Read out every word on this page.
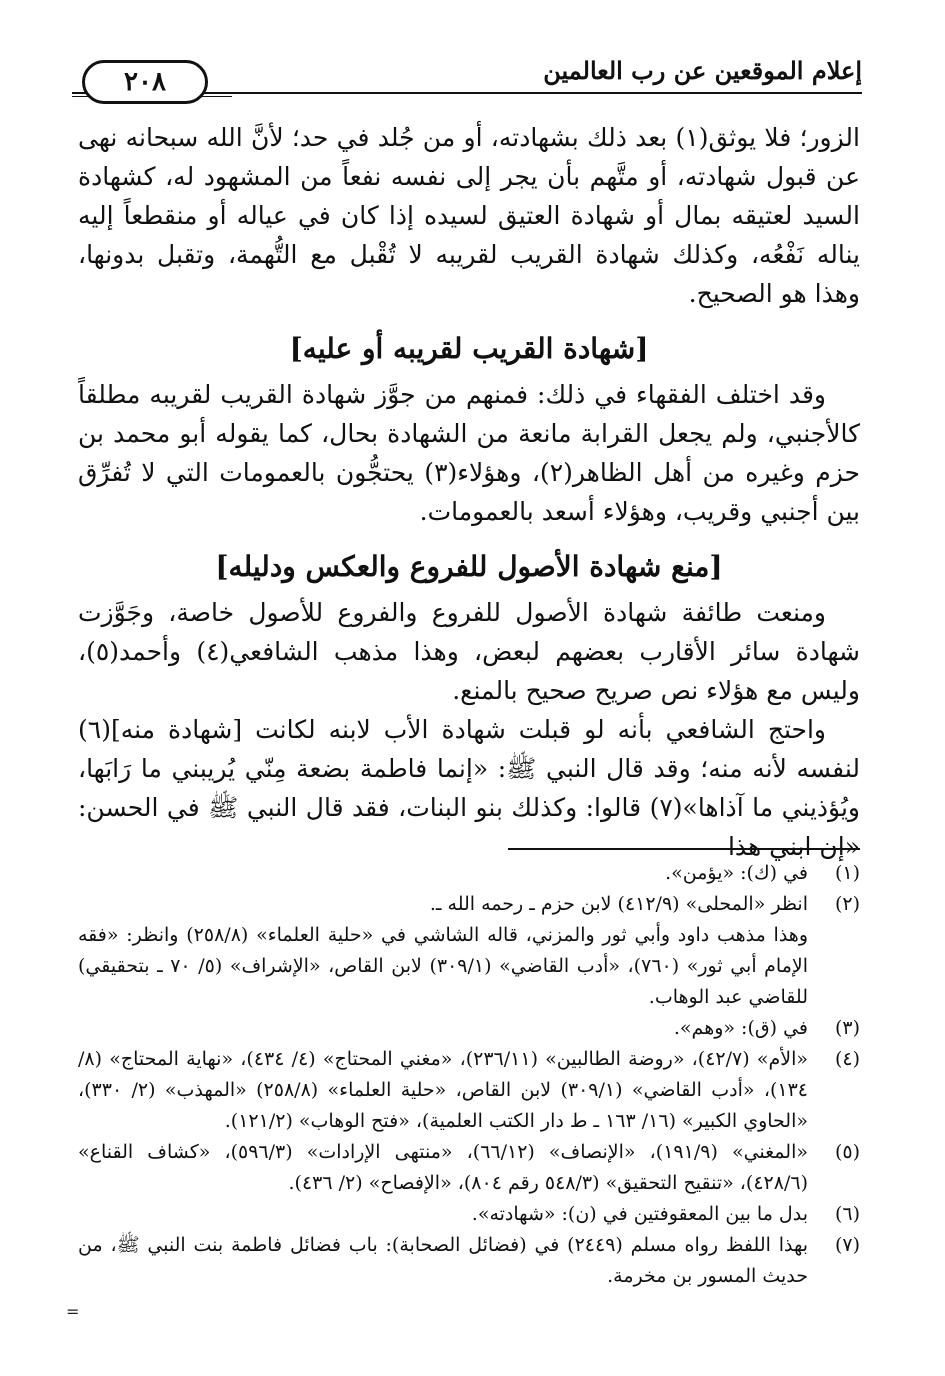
إعلام الموقعين عن رب العالمين
٢٠٨

الزور؛ فلا يوثق(١) بعد ذلك بشهادته، أو من جُلد في حد؛ لأنَّ الله سبحانه نهى عن قبول شهادته، أو متَّهم بأن يجر إلى نفسه نفعاً من المشهود له، كشهادة السيد لعتيقه بمال أو شهادة العتيق لسيده إذا كان في عياله أو منقطعاً إليه يناله نَفْعُه، وكذلك شهادة القريب لقريبه لا تُقْبل مع التُّهمة، وتقبل بدونها، وهذا هو الصحيح.

[شهادة القريب لقريبه أو عليه]

وقد اختلف الفقهاء في ذلك: فمنهم من جوَّز شهادة القريب لقريبه مطلقاً كالأجنبي، ولم يجعل القرابة مانعة من الشهادة بحال، كما يقوله أبو محمد بن حزم وغيره من أهل الظاهر(٢)، وهؤلاء(٣) يحتجُّون بالعمومات التي لا تُفرِّق بين أجنبي وقريب، وهؤلاء أسعد بالعمومات.

[منع شهادة الأصول للفروع والعكس ودليله]

ومنعت طائفة شهادة الأصول للفروع والفروع للأصول خاصة، وجَوَّزت شهادة سائر الأقارب بعضهم لبعض، وهذا مذهب الشافعي(٤) وأحمد(٥)، وليس مع هؤلاء نص صريح صحيح بالمنع.

واحتج الشافعي بأنه لو قبلت شهادة الأب لابنه لكانت [شهادة منه](٦) لنفسه لأنه منه؛ وقد قال النبي ﷺ: «إنما فاطمة بضعة مِنّي يُريبني ما رَابَها، ويُؤذيني ما آذاها»(٧) قالوا: وكذلك بنو البنات، فقد قال النبي ﷺ في الحسن: «إن ابني هذا

(١)
في (ك): «يؤمن».
(٢)
انظر «المحلى» (٤١٢/٩) لابن حزم ـ رحمه الله ـ.
وهذا مذهب داود وأبي ثور والمزني، قاله الشاشي في «حلية العلماء» (٢٥٨/٨) وانظر: «فقه الإمام أبي ثور» (٧٦٠)، «أدب القاضي» (٣٠٩/١) لابن القاص، «الإشراف» (٥/ ٧٠ ـ بتحقيقي) للقاضي عبد الوهاب.
(٣)
في (ق): «وهم».
(٤)
«الأم» (٤٢/٧)، «روضة الطالبين» (٢٣٦/١١)، «مغني المحتاج» (٤/ ٤٣٤)، «نهاية المحتاج» (٨/ ١٣٤)، «أدب القاضي» (٣٠٩/١) لابن القاص، «حلية العلماء» (٢٥٨/٨) «المهذب» (٢/ ٣٣٠)، «الحاوي الكبير» (١٦/ ١٦٣ ـ ط دار الكتب العلمية)، «فتح الوهاب» (١٢١/٢).
(٥)
«المغني» (١٩١/٩)، «الإنصاف» (٦٦/١٢)، «منتهى الإرادات» (٥٩٦/٣)، «كشاف القناع» (٤٢٨/٦)، «تنقيح التحقيق» (٥٤٨/٣ رقم ٨٠٤)، «الإفصاح» (٢/ ٤٣٦).
(٦)
بدل ما بين المعقوفتين في (ن): «شهادته».
(٧)
بهذا اللفظ رواه مسلم (٢٤٤٩) في (فضائل الصحابة): باب فضائل فاطمة بنت النبي ﷺ، من حديث المسور بن مخرمة.
=
